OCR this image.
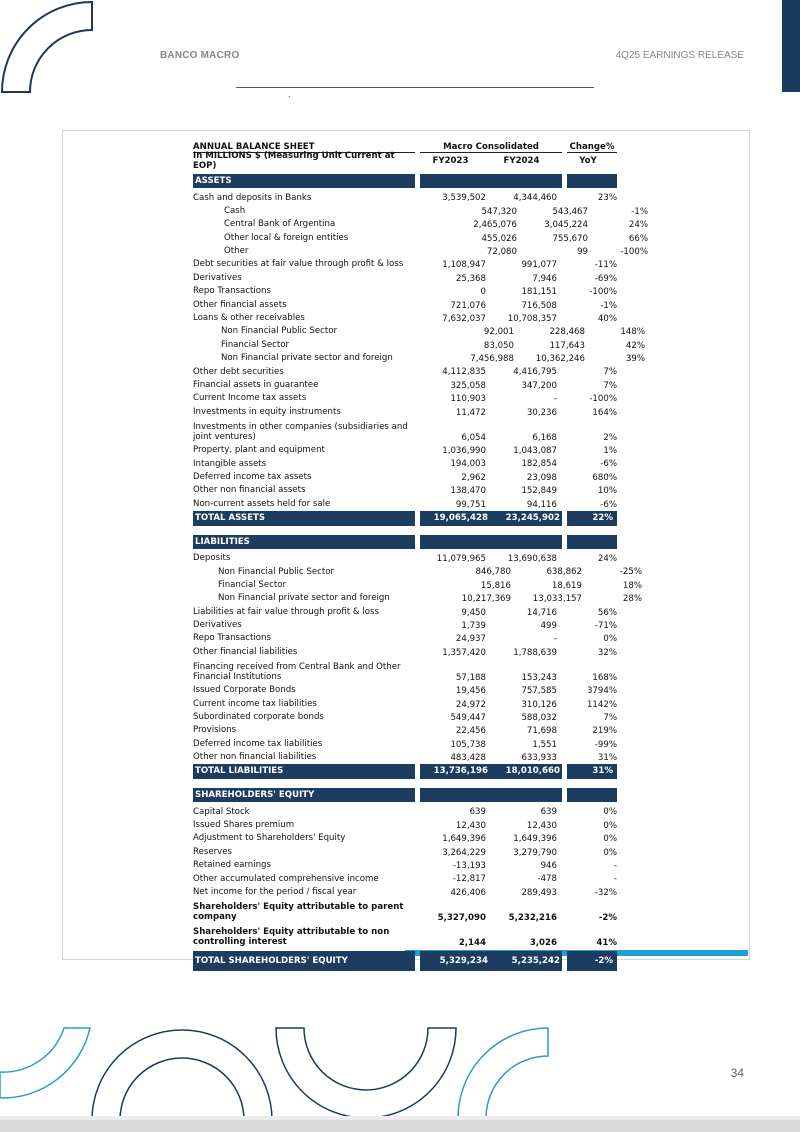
BANCO MACRO	4Q25 EARNINGS RELEASE
.
ANNUAL BALANCE SHEET	Macro Consolidated	Change%
In MILLIONS $ (Measuring Unit Current at EOP)	FY2023	FY2024	YoY
ASSETS
Cash and deposits in Banks	3,539,502	4,344,460	23%
Cash	547,320	543,467	-1%
Central Bank of Argentina	2,465,076	3,045,224	24%
Other local & foreign entities	455,026	755,670	66%
Other	72,080	99	-100%
Debt securities at fair value through profit & loss	1,108,947	991,077	-11%
Derivatives	25,368	7,946	-69%
Repo Transactions	0	181,151	-100%
Other financial assets	721,076	716,508	-1%
Loans & other receivables	7,632,037	10,708,357	40%
Non Financial Public Sector	92,001	228,468	148%
Financial Sector	83,050	117,643	42%
Non Financial private sector and foreign	7,456,988	10,362,246	39%
Other debt securities	4,112,835	4,416,795	7%
Financial assets in guarantee	325,058	347,200	7%
Current Income tax assets	110,903	-	-100%
Investments in equity instruments	11,472	30,236	164%
Investments in other companies (subsidiaries and joint ventures)	6,054	6,168	2%
Property, plant and equipment	1,036,990	1,043,087	1%
Intangible assets	194,003	182,854	-6%
Deferred income tax assets	2,962	23,098	680%
Other non financial assets	138,470	152,849	10%
Non-current assets held for sale	99,751	94,116	-6%
TOTAL ASSETS	19,065,428	23,245,902	22%
LIABILITIES
Deposits	11,079,965	13,690,638	24%
Non Financial Public Sector	846,780	638,862	-25%
Financial Sector	15,816	18,619	18%
Non Financial private sector and foreign	10,217,369	13,033,157	28%
Liabilities at fair value through profit & loss	9,450	14,716	56%
Derivatives	1,739	499	-71%
Repo Transactions	24,937	-	0%
Other financial liabilities	1,357,420	1,788,639	32%
Financing received from Central Bank and Other Financial Institutions	57,188	153,243	168%
Issued Corporate Bonds	19,456	757,585	3794%
Current income tax liabilities	24,972	310,126	1142%
Subordinated corporate bonds	549,447	588,032	7%
Provisions	22,456	71,698	219%
Deferred income tax liabilities	105,738	1,551	-99%
Other non financial liabilities	483,428	633,933	31%
TOTAL LIABILITIES	13,736,196	18,010,660	31%
SHAREHOLDERS' EQUITY
Capital Stock	639	639	0%
Issued Shares premium	12,430	12,430	0%
Adjustment to Shareholders' Equity	1,649,396	1,649,396	0%
Reserves	3,264,229	3,279,790	0%
Retained earnings	-13,193	946	-
Other accumulated comprehensive income	-12,817	-478	-
Net income for the period / fiscal year	426,406	289,493	-32%
Shareholders' Equity attributable to parent company	5,327,090	5,232,216	-2%
Shareholders' Equity attributable to non controlling interest	2,144	3,026	41%
TOTAL SHAREHOLDERS' EQUITY	5,329,234	5,235,242	-2%
34
